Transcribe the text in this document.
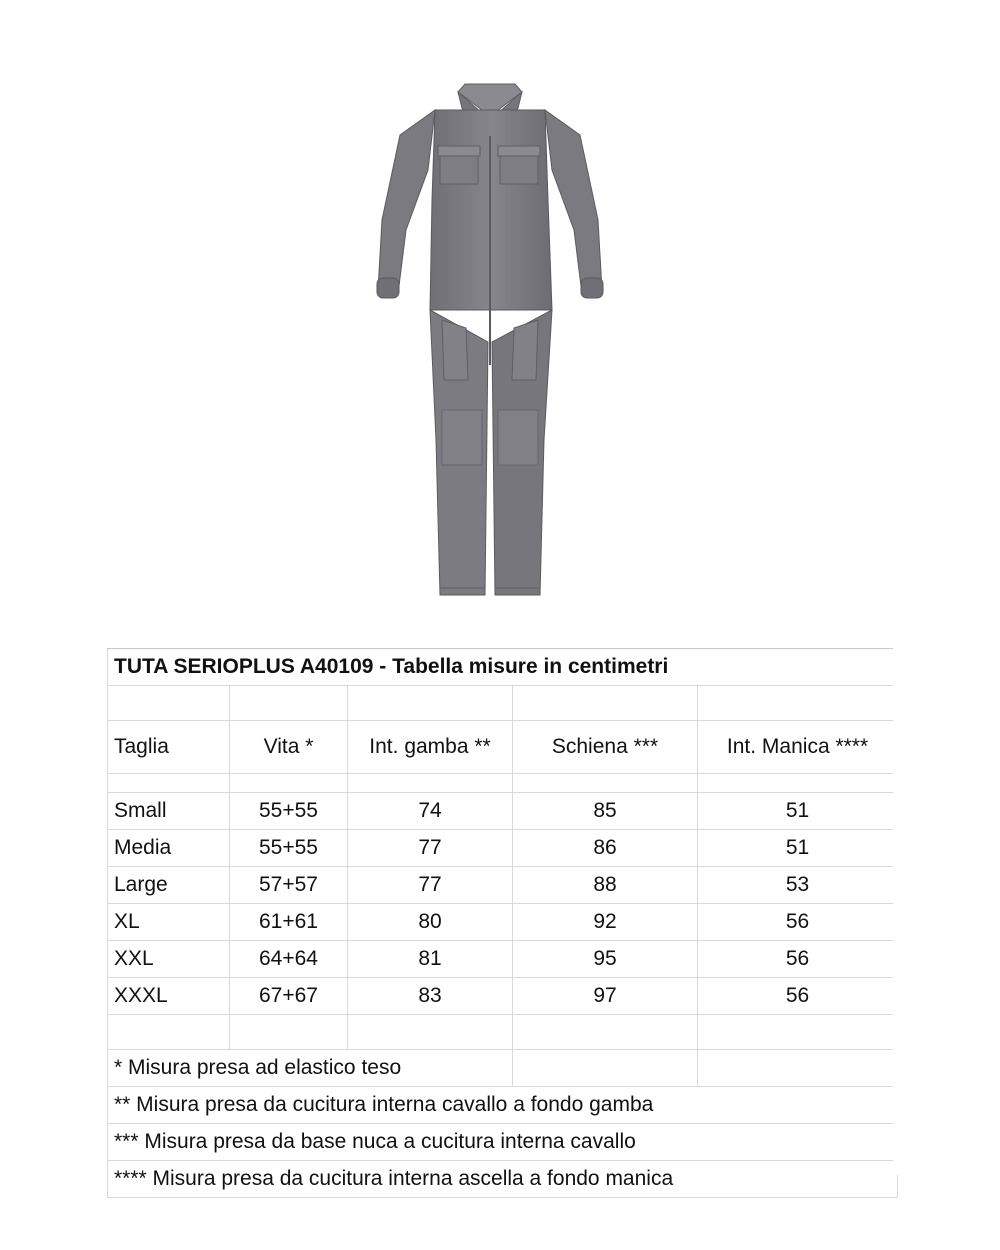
TUTA SERIOPLUS A40109 - Tabella misure in centimetri				

Taglia	Vita *	Int. gamba **	Schiena ***	Int. Manica ****

Small	55+55	74	85	51
Media	55+55	77	86	51
Large	57+57	77	88	53
XL	61+61	80	92	56
XXL	64+64	81	95	56
XXXL	67+67	83	97	56

* Misura presa ad elastico teso				
** Misura presa da cucitura interna cavallo a fondo gamba				
*** Misura presa da base nuca a cucitura interna cavallo				
**** Misura presa da cucitura interna ascella a fondo manica				
